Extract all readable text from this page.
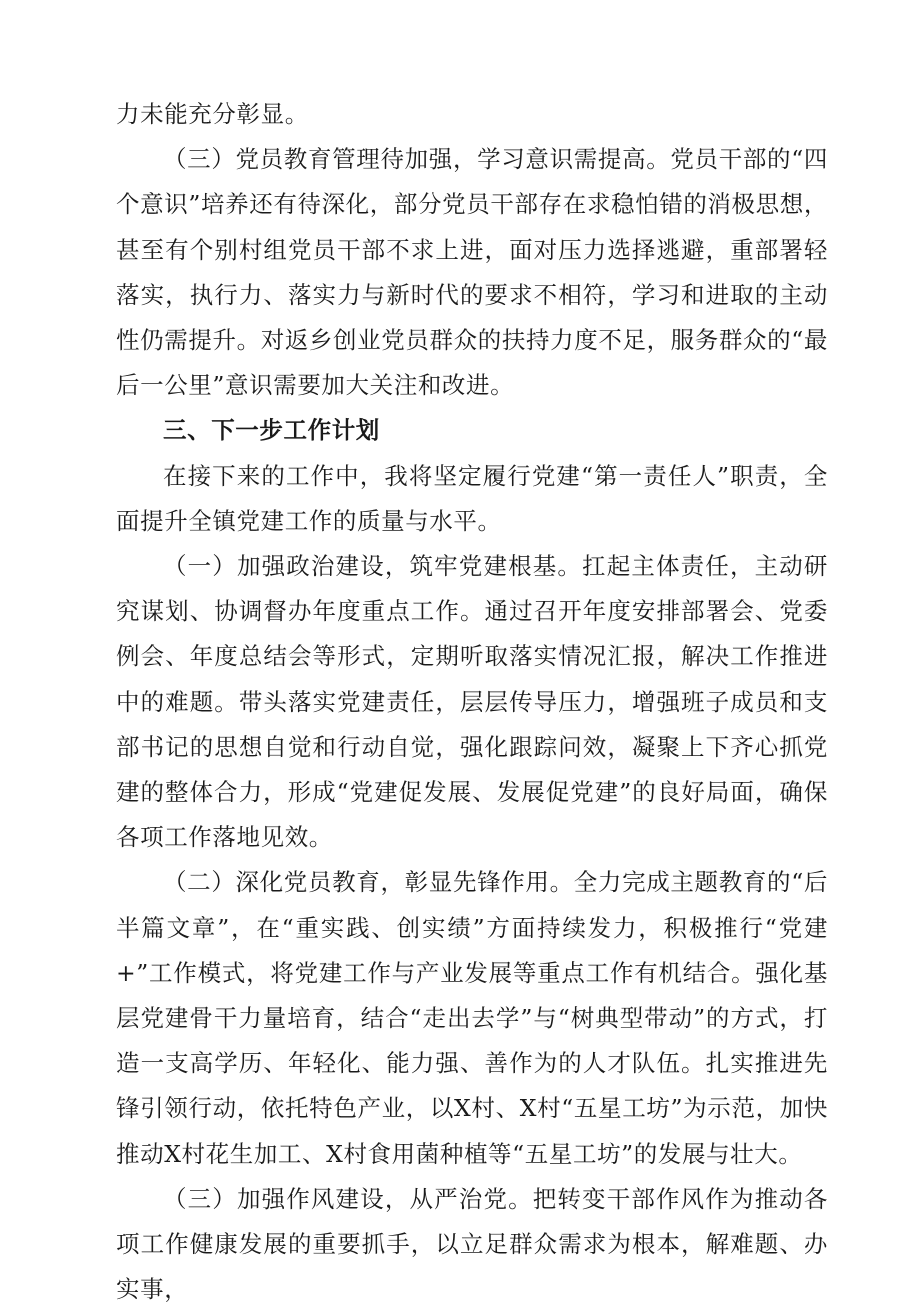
力未能充分彰显。

（三）党员教育管理待加强，学习意识需提高。党员干部的“四个意识”培养还有待深化，部分党员干部存在求稳怕错的消极思想，甚至有个别村组党员干部不求上进，面对压力选择逃避，重部署轻落实，执行力、落实力与新时代的要求不相符，学习和进取的主动性仍需提升。对返乡创业党员群众的扶持力度不足，服务群众的“最后一公里”意识需要加大关注和改进。

三、下一步工作计划

在接下来的工作中，我将坚定履行党建“第一责任人”职责，全面提升全镇党建工作的质量与水平。

（一）加强政治建设，筑牢党建根基。扛起主体责任，主动研究谋划、协调督办年度重点工作。通过召开年度安排部署会、党委例会、年度总结会等形式，定期听取落实情况汇报，解决工作推进中的难题。带头落实党建责任，层层传导压力，增强班子成员和支部书记的思想自觉和行动自觉，强化跟踪问效，凝聚上下齐心抓党建的整体合力，形成“党建促发展、发展促党建”的良好局面，确保各项工作落地见效。

（二）深化党员教育，彰显先锋作用。全力完成主题教育的“后半篇文章”，在“重实践、创实绩”方面持续发力，积极推行“党建+”工作模式，将党建工作与产业发展等重点工作有机结合。强化基层党建骨干力量培育，结合“走出去学”与“树典型带动”的方式，打造一支高学历、年轻化、能力强、善作为的人才队伍。扎实推进先锋引领行动，依托特色产业，以X村、X村“五星工坊”为示范，加快推动X村花生加工、X村食用菌种植等“五星工坊”的发展与壮大。

（三）加强作风建设，从严治党。把转变干部作风作为推动各项工作健康发展的重要抓手，以立足群众需求为根本，解难题、办实事，
